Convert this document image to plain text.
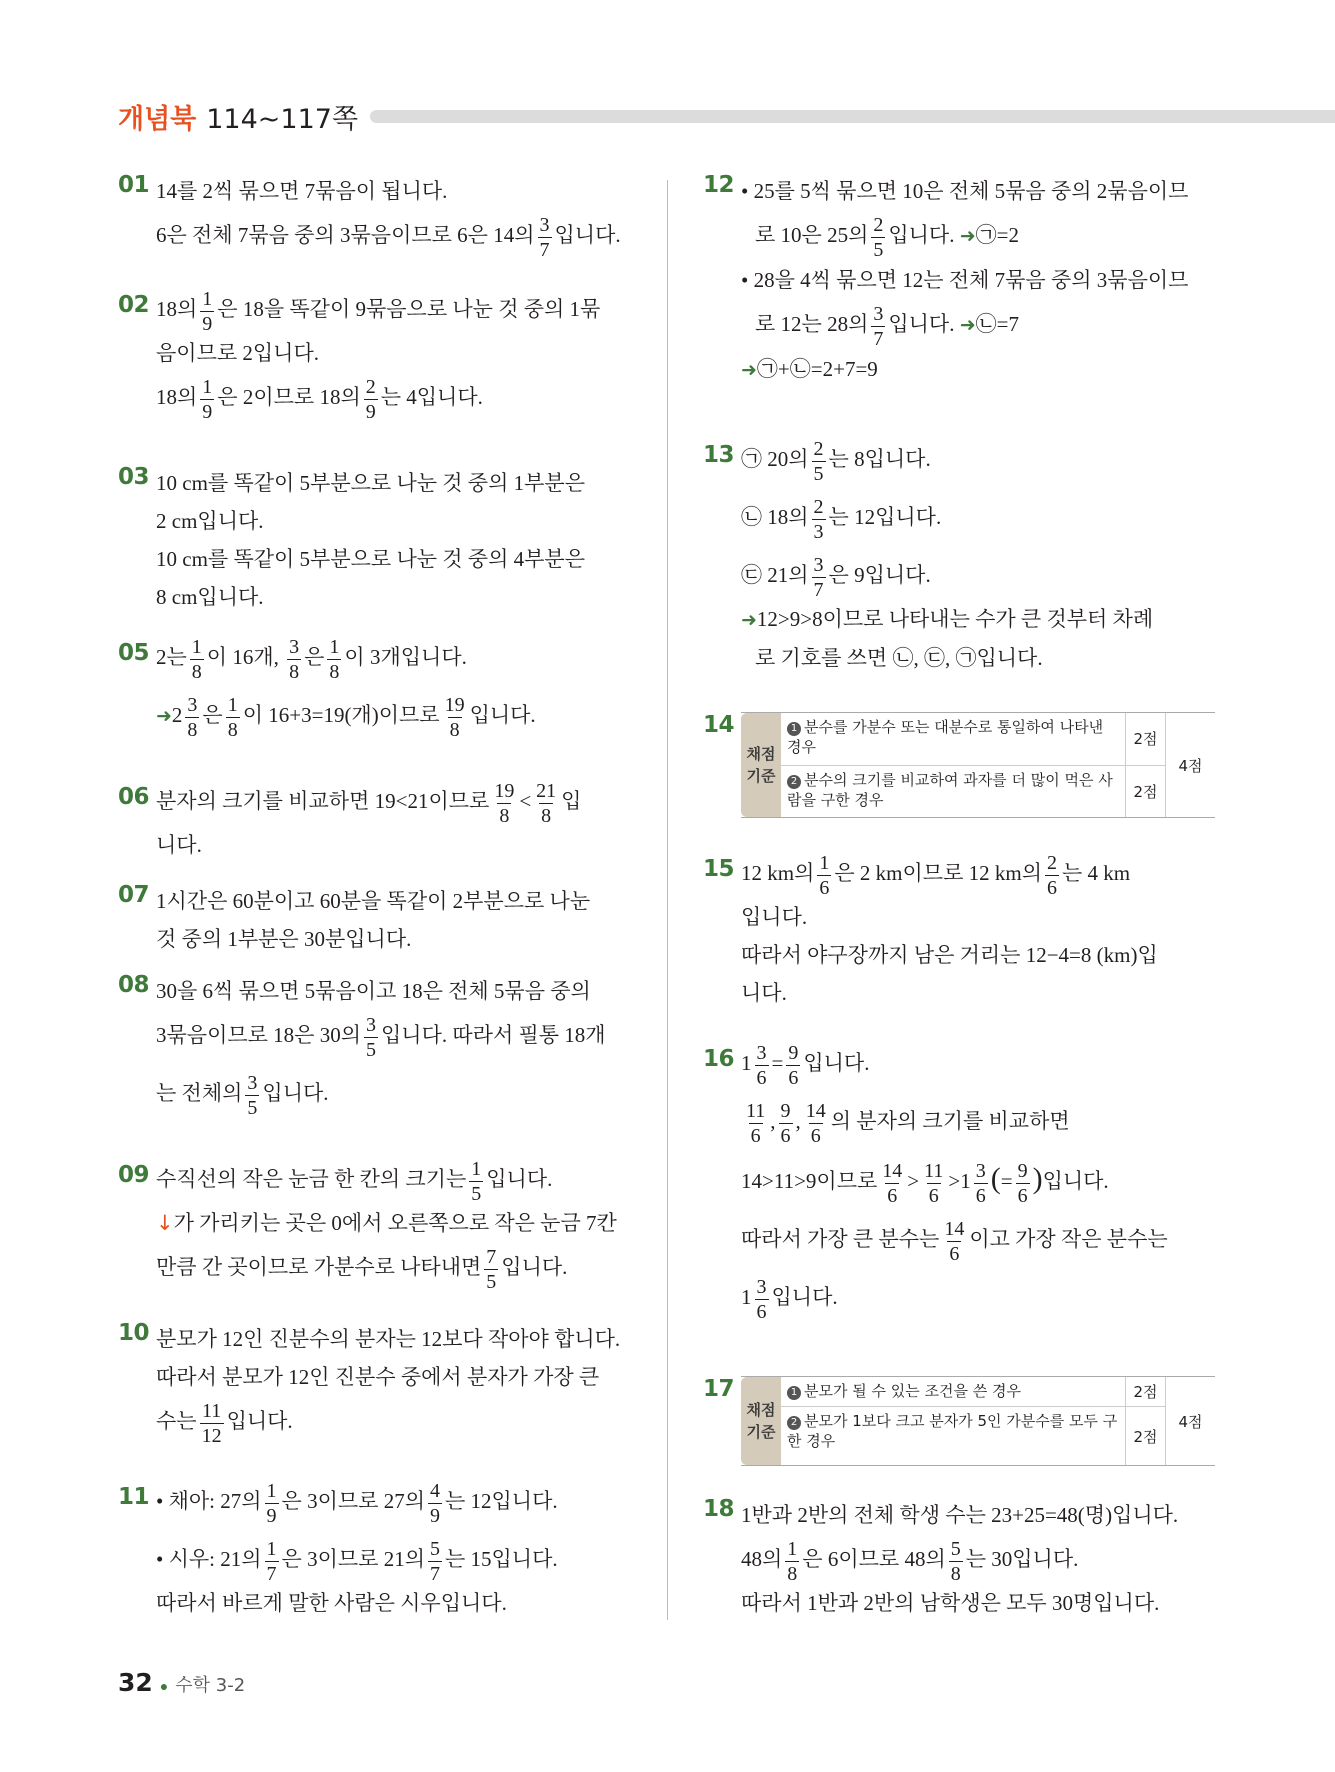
개념북 114~117쪽
01 14를 2씩 묶으면 7묶음이 됩니다.
6은 전체 7묶음 중의 3묶음이므로 6은 14의 $\frac{3}{7}$ 입니다.
02 18의 $\frac{1}{9}$ 은 18을 똑같이 9묶음으로 나눈 것 중의 1묶
음이므로 2입니다.
18의 $\frac{1}{9}$ 은 2이므로 18의 $\frac{2}{9}$ 는 4입니다.
03 10 cm를 똑같이 5부분으로 나눈 것 중의 1부분은
2 cm입니다.
10 cm를 똑같이 5부분으로 나눈 것 중의 4부분은
8 cm입니다.
05 2는 $\frac{1}{8}$ 이 16개, $\frac{3}{8}$ 은 $\frac{1}{8}$ 이 3개입니다.
➜2 $\frac{3}{8}$ 은 $\frac{1}{8}$ 이 16+3=19(개)이므로 $\frac{19}{8}$ 입니다.
06 분자의 크기를 비교하면 19<21이므로 $\frac{19}{8} < \frac{21}{8}$ 입
니다.
07 1시간은 60분이고 60분을 똑같이 2부분으로 나눈
것 중의 1부분은 30분입니다.
08 30을 6씩 묶으면 5묶음이고 18은 전체 5묶음 중의
3묶음이므로 18은 30의 $\frac{3}{5}$ 입니다. 따라서 필통 18개
는 전체의 $\frac{3}{5}$ 입니다.
09 수직선의 작은 눈금 한 칸의 크기는 $\frac{1}{5}$ 입니다.
↓가 가리키는 곳은 0에서 오른쪽으로 작은 눈금 7칸
만큼 간 곳이므로 가분수로 나타내면 $\frac{7}{5}$ 입니다.
10 분모가 12인 진분수의 분자는 12보다 작아야 합니다.
따라서 분모가 12인 진분수 중에서 분자가 가장 큰
수는 $\frac{11}{12}$ 입니다.
11 • 채아: 27의 $\frac{1}{9}$ 은 3이므로 27의 $\frac{4}{9}$ 는 12입니다.
• 시우: 21의 $\frac{1}{7}$ 은 3이므로 21의 $\frac{5}{7}$ 는 15입니다.
따라서 바르게 말한 사람은 시우입니다.
12 • 25를 5씩 묶으면 10은 전체 5묶음 중의 2묶음이므
로 10은 25의 $\frac{2}{5}$ 입니다. ➜㉠=2
• 28을 4씩 묶으면 12는 전체 7묶음 중의 3묶음이므
로 12는 28의 $\frac{3}{7}$ 입니다. ➜㉡=7
➜㉠+㉡=2+7=9
13 ㉠ 20의 $\frac{2}{5}$ 는 8입니다.
㉡ 18의 $\frac{2}{3}$ 는 12입니다.
㉢ 21의 $\frac{3}{7}$ 은 9입니다.
➜12>9>8이므로 나타내는 수가 큰 것부터 차례
로 기호를 쓰면 ㉡, ㉢, ㉠입니다.
14
채점
기준
1 분수를 가분수 또는 대분수로 통일하여 나타낸 경우	2점
2 분수의 크기를 비교하여 과자를 더 많이 먹은 사람을 구한 경우	2점
4점
15 12 km의 $\frac{1}{6}$ 은 2 km이므로 12 km의 $\frac{2}{6}$ 는 4 km
입니다.
따라서 야구장까지 남은 거리는 12−4=8 (km)입
니다.
16 $1 \frac{3}{6} = \frac{9}{6}$ 입니다.
$\frac{11}{6}$ , $\frac{9}{6}$ , $\frac{14}{6}$ 의 분자의 크기를 비교하면
14>11>9이므로 $\frac{14}{6} > \frac{11}{6} >1 \frac{3}{6}$ (= $\frac{9}{6}$ )입니다.
따라서 가장 큰 분수는 $\frac{14}{6}$ 이고 가장 작은 분수는
$1 \frac{3}{6}$ 입니다.
17
채점
기준
1 분모가 될 수 있는 조건을 쓴 경우	2점
2 분모가 1보다 크고 분자가 5인 가분수를 모두 구한 경우	2점
4점
18 1반과 2반의 전체 학생 수는 23+25=48(명)입니다.
48의 $\frac{1}{8}$ 은 6이므로 48의 $\frac{5}{8}$ 는 30입니다.
따라서 1반과 2반의 남학생은 모두 30명입니다.
32 ● 수학 3-2
